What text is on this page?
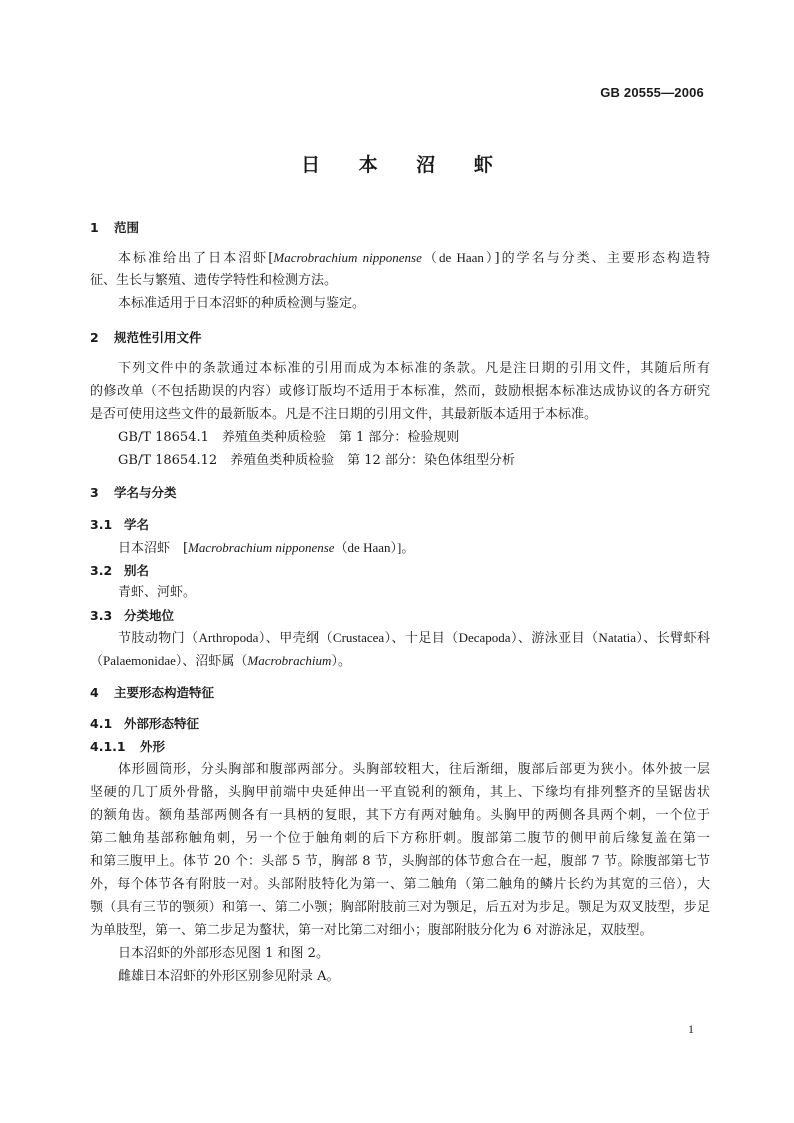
GB 20555—2006
日 本 沼 虾
1 范围
本标准给出了日本沼虾[Macrobrachium nipponense（de Haan）]的学名与分类、主要形态构造特
征、生长与繁殖、遗传学特性和检测方法。
本标准适用于日本沼虾的种质检测与鉴定。
2 规范性引用文件
下列文件中的条款通过本标准的引用而成为本标准的条款。凡是注日期的引用文件，其随后所有
的修改单（不包括勘误的内容）或修订版均不适用于本标准，然而，鼓励根据本标准达成协议的各方研究
是否可使用这些文件的最新版本。凡是不注日期的引用文件，其最新版本适用于本标准。
GB/T 18654.1　养殖鱼类种质检验　第 1 部分：检验规则
GB/T 18654.12　养殖鱼类种质检验　第 12 部分：染色体组型分析
3 学名与分类
3.1 学名
日本沼虾　[Macrobrachium nipponense（de Haan）]。
3.2 别名
青虾、河虾。
3.3 分类地位
节肢动物门（Arthropoda）、甲壳纲（Crustacea）、十足目（Decapoda）、游泳亚目（Natatia）、长臂虾科
（Palaemonidae）、沼虾属（Macrobrachium）。
4 主要形态构造特征
4.1 外部形态特征
4.1.1 外形
体形圆筒形，分头胸部和腹部两部分。头胸部较粗大，往后渐细，腹部后部更为狭小。体外披一层
坚硬的几丁质外骨骼，头胸甲前端中央延伸出一平直锐利的额角，其上、下缘均有排列整齐的呈锯齿状
的额角齿。额角基部两侧各有一具柄的复眼，其下方有两对触角。头胸甲的两侧各具两个刺，一个位于
第二触角基部称触角刺，另一个位于触角刺的后下方称肝刺。腹部第二腹节的侧甲前后缘复盖在第一
和第三腹甲上。体节 20 个：头部 5 节，胸部 8 节，头胸部的体节愈合在一起，腹部 7 节。除腹部第七节
外，每个体节各有附肢一对。头部附肢特化为第一、第二触角（第二触角的鳞片长约为其宽的三倍），大
颚（具有三节的颚须）和第一、第二小颚；胸部附肢前三对为颚足，后五对为步足。颚足为双叉肢型，步足
为单肢型，第一、第二步足为螯状，第一对比第二对细小；腹部附肢分化为 6 对游泳足，双肢型。
日本沼虾的外部形态见图 1 和图 2。
雌雄日本沼虾的外形区别参见附录 A。
1
